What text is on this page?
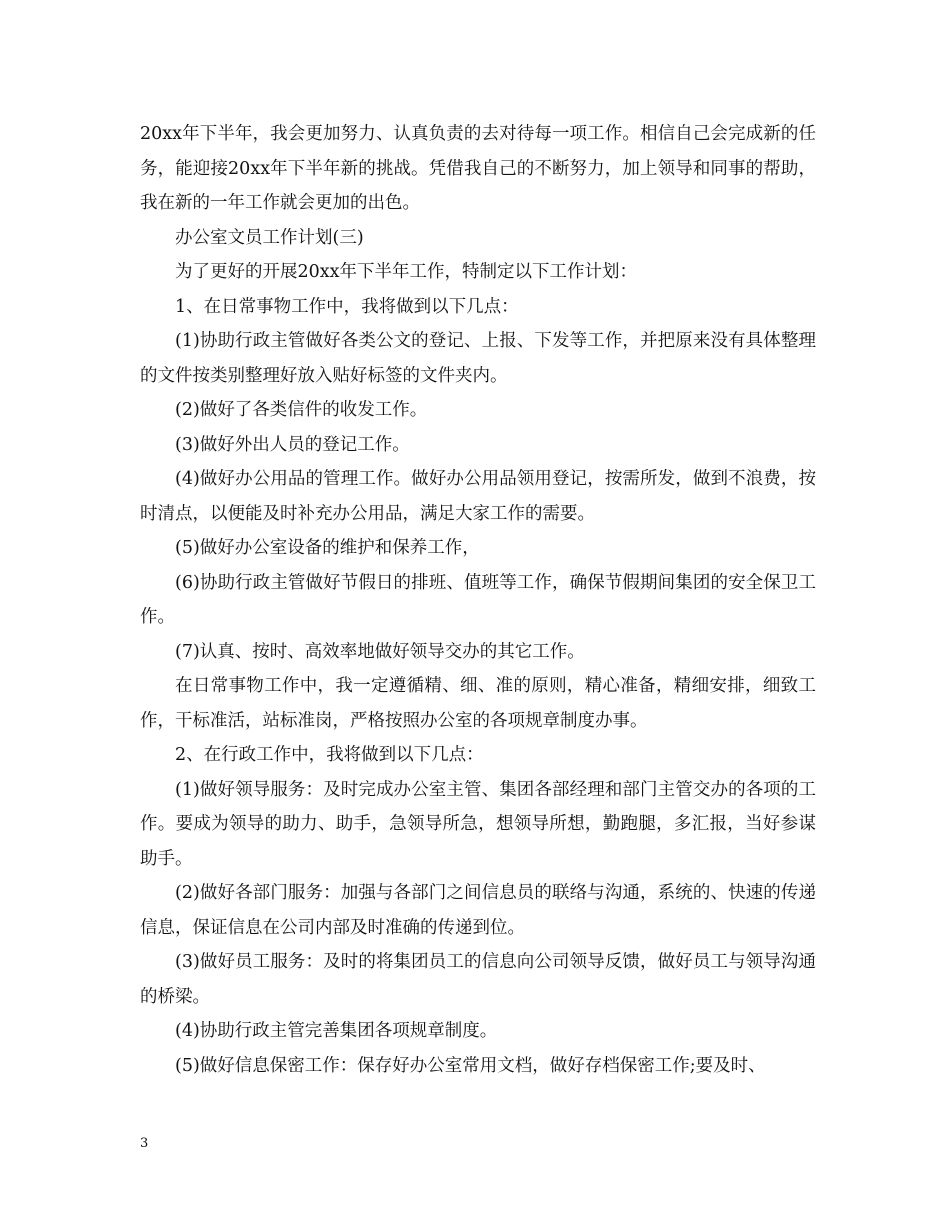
20xx年下半年，我会更加努力、认真负责的去对待每一项工作。相信自己会完成新的任务，能迎接20xx年下半年新的挑战。凭借我自己的不断努力，加上领导和同事的帮助，我在新的一年工作就会更加的出色。

办公室文员工作计划(三)

为了更好的开展20xx年下半年工作，特制定以下工作计划：

1、在日常事物工作中，我将做到以下几点：

(1)协助行政主管做好各类公文的登记、上报、下发等工作，并把原来没有具体整理的文件按类别整理好放入贴好标签的文件夹内。

(2)做好了各类信件的收发工作。

(3)做好外出人员的登记工作。

(4)做好办公用品的管理工作。做好办公用品领用登记，按需所发，做到不浪费，按时清点，以便能及时补充办公用品，满足大家工作的需要。

(5)做好办公室设备的维护和保养工作，

(6)协助行政主管做好节假日的排班、值班等工作，确保节假期间集团的安全保卫工作。

(7)认真、按时、高效率地做好领导交办的其它工作。

在日常事物工作中，我一定遵循精、细、准的原则，精心准备，精细安排，细致工作，干标准活，站标准岗，严格按照办公室的各项规章制度办事。

2、在行政工作中，我将做到以下几点：

(1)做好领导服务：及时完成办公室主管、集团各部经理和部门主管交办的各项的工作。要成为领导的助力、助手，急领导所急，想领导所想，勤跑腿，多汇报，当好参谋助手。

(2)做好各部门服务：加强与各部门之间信息员的联络与沟通，系统的、快速的传递信息，保证信息在公司内部及时准确的传递到位。

(3)做好员工服务：及时的将集团员工的信息向公司领导反馈，做好员工与领导沟通的桥梁。

(4)协助行政主管完善集团各项规章制度。

(5)做好信息保密工作：保存好办公室常用文档，做好存档保密工作;要及时、

3
